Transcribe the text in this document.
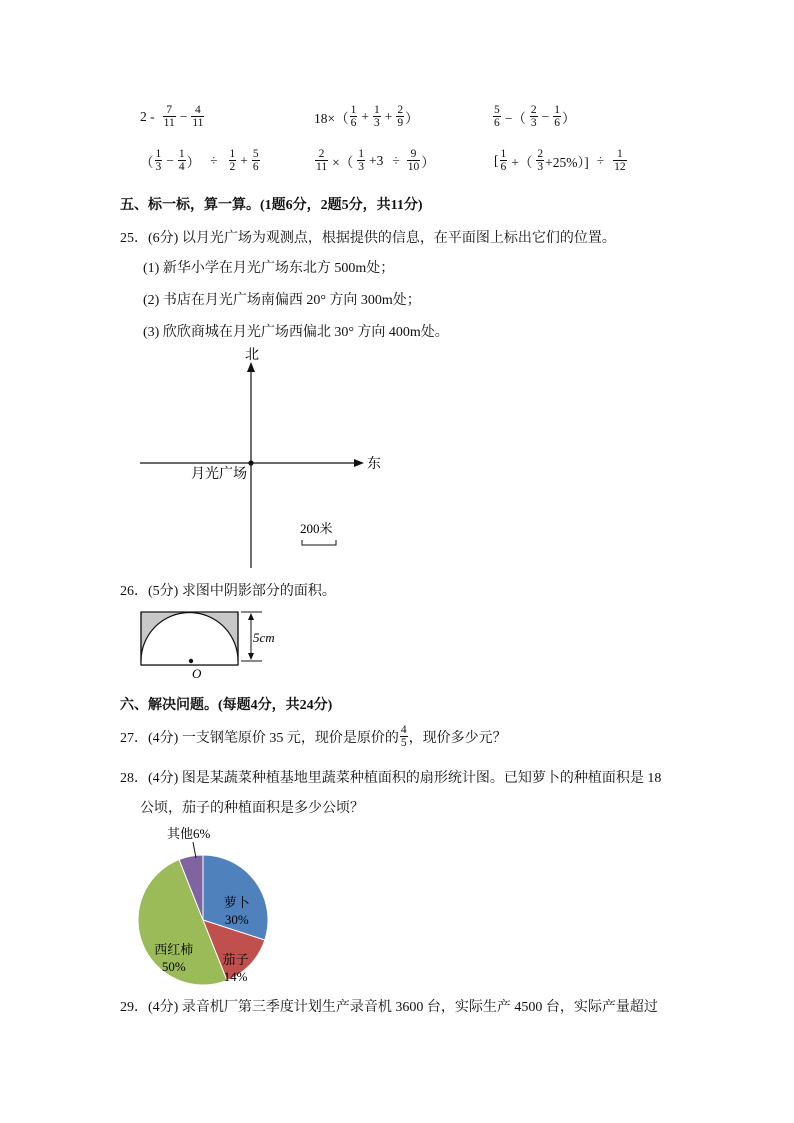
$2 - \frac{7}{11} - \frac{4}{11}$	$18\times( \frac{1}{6} + \frac{1}{3} + \frac{2}{9}$ ）	$\frac{5}{6}$ −（ $\frac{2}{3} - \frac{1}{6}$ ）
（ $\frac{1}{3} - \frac{1}{4}$ ） ÷ $\frac{1}{2} + \frac{5}{6}$	$\frac{2}{11}$ ×（ $\frac{1}{3} +3 \div \frac{9}{10}$ ）	[ $\frac{1}{6}$ +（ $\frac{2}{3} +25\%)] \div \frac{1}{12}$
五、标一标，算一算。(1题6分，2题5分，共11分)
25．(6分) 以月光广场为观测点，根据提供的信息，在平面图上标出它们的位置。
(1) 新华小学在月光广场东北方 500m处；
(2) 书店在月光广场南偏西 20° 方向 300m处；
(3) 欣欣商城在月光广场西偏北 30° 方向 400m处。
北
东
月光广场
200米
26．(5分) 求图中阴影部分的面积。
5cm
O
六、解决问题。(每题4分，共24分)
27．(4分) 一支钢笔原价 35 元，现价是原价的 $\frac{4}{5}$ ，现价多少元？
28．(4分) 图是某蔬菜种植基地里蔬菜种植面积的扇形统计图。已知萝卜的种植面积是 18
公顷，茄子的种植面积是多少公顷？
萝卜
30%
茄子
14%
西红柿
50%
其他6%
29．(4分) 录音机厂第三季度计划生产录音机 3600 台，实际生产 4500 台，实际产量超过
